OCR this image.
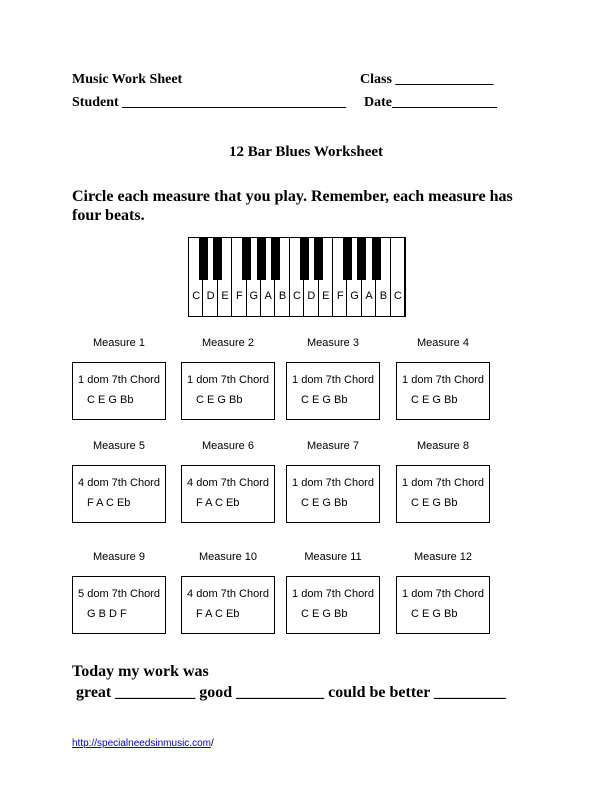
Music Work Sheet	Class ______________
Student ________________________________ Date_______________
12 Bar Blues Worksheet
Circle each measure that you play. Remember, each measure has four beats.
C D E F G A B C D E F G A B C
Measure 1
1 dom 7th Chord
C E G Bb
Measure 2
1 dom 7th Chord
C E G Bb
Measure 3
1 dom 7th Chord
C E G Bb
Measure 4
1 dom 7th Chord
C E G Bb
Measure 5
4 dom 7th Chord
F A C Eb
Measure 6
4 dom 7th Chord
F A C Eb
Measure 7
1 dom 7th Chord
C E G Bb
Measure 8
1 dom 7th Chord
C E G Bb
Measure 9
5 dom 7th Chord
G B D F
Measure 10
4 dom 7th Chord
F A C Eb
Measure 11
1 dom 7th Chord
C E G Bb
Measure 12
1 dom 7th Chord
C E G Bb
Today my work was
great __________ good ___________ could be better _________
http://specialneedsinmusic.com/
